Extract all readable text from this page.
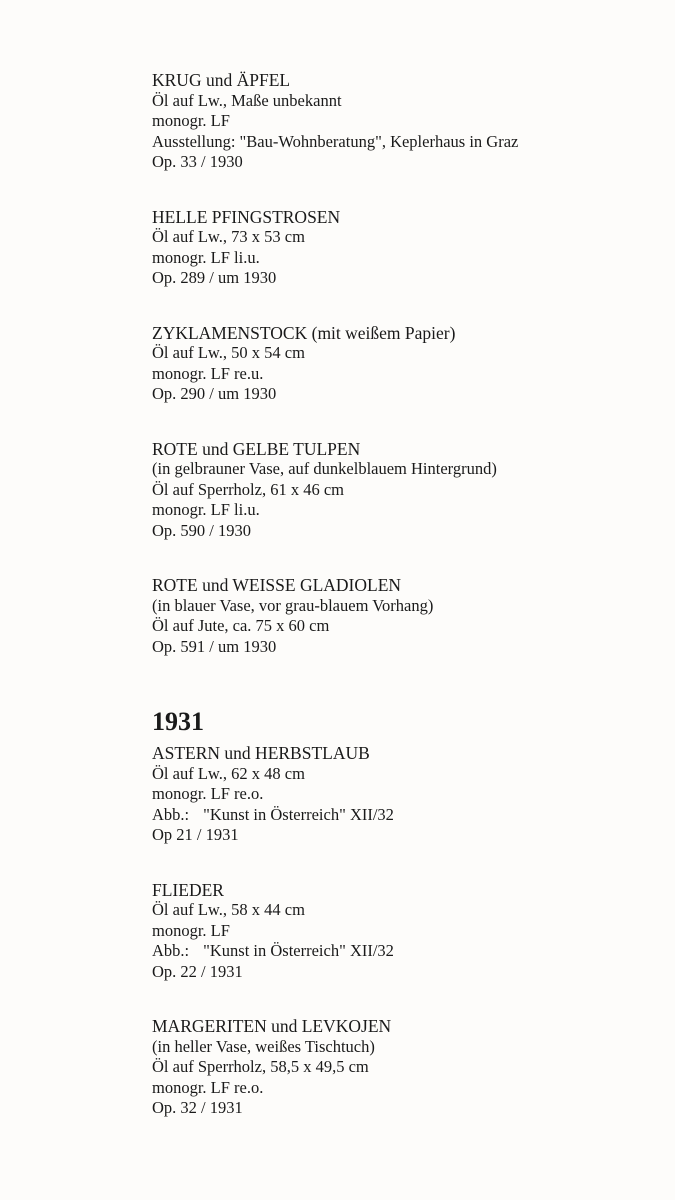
KRUG und ÄPFEL
Öl auf Lw., Maße unbekannt
monogr. LF
Ausstellung: "Bau-Wohnberatung", Keplerhaus in Graz
Op. 33 / 1930
HELLE PFINGSTROSEN
Öl auf Lw., 73 x 53 cm
monogr. LF li.u.
Op. 289 / um 1930
ZYKLAMENSTOCK (mit weißem Papier)
Öl auf Lw., 50 x 54 cm
monogr. LF re.u.
Op. 290 / um 1930
ROTE und GELBE TULPEN
(in gelbrauner Vase, auf dunkelblauem Hintergrund)
Öl auf Sperrholz, 61 x 46 cm
monogr. LF li.u.
Op. 590 / 1930
ROTE und WEISSE GLADIOLEN
(in blauer Vase, vor grau-blauem Vorhang)
Öl auf Jute, ca. 75 x 60 cm
Op. 591 / um 1930
1931
ASTERN und HERBSTLAUB
Öl auf Lw., 62 x 48 cm
monogr. LF re.o.
Abb.: "Kunst in Österreich" XII/32
Op 21 / 1931
FLIEDER
Öl auf Lw., 58 x 44 cm
monogr. LF
Abb.: "Kunst in Österreich" XII/32
Op. 22 / 1931
MARGERITEN und LEVKOJEN
(in heller Vase, weißes Tischtuch)
Öl auf Sperrholz, 58,5 x 49,5 cm
monogr. LF re.o.
Op. 32 / 1931
